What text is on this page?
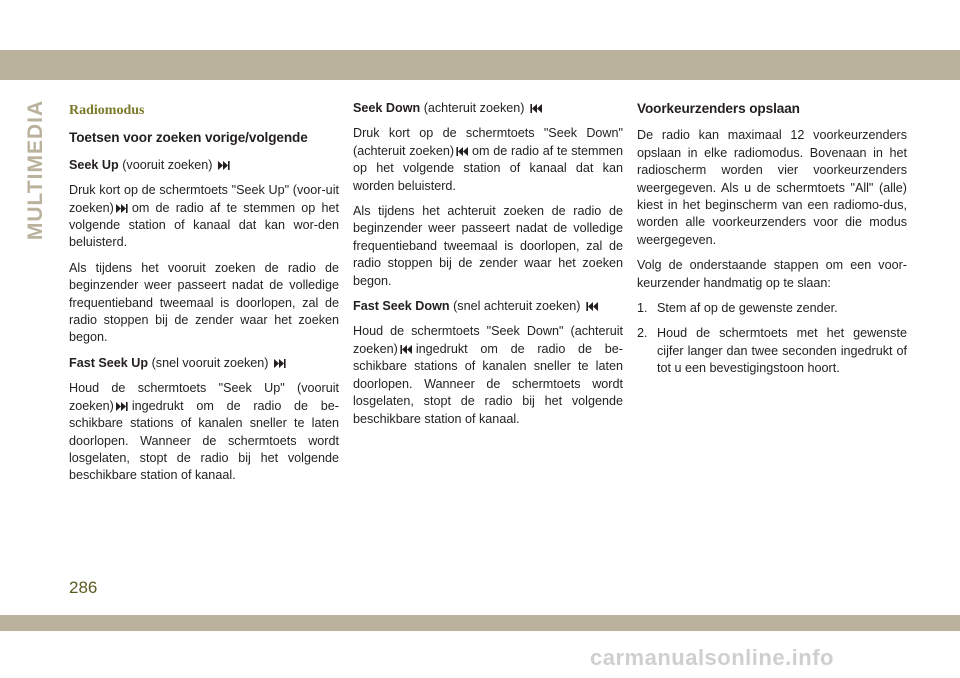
MULTIMEDIA Radiomodus
Toetsen voor zoeken vorige/volgende
Seek Up (vooruit zoeken)

Druk kort op de schermtoets "Seek Up" (voor-uit zoeken) om de radio af te stemmen op het volgende station of kanaal dat kan wor-den beluisterd.

Als tijdens het vooruit zoeken de radio de beginzender weer passeert nadat de volledige frequentieband tweemaal is doorlopen, zal de radio stoppen bij de zender waar het zoeken begon.

Fast Seek Up (snel vooruit zoeken)

Houd de schermtoets "Seek Up" (vooruit zoeken) ingedrukt om de radio de be-schikbare stations of kanalen sneller te laten doorlopen. Wanneer de schermtoets wordt losgelaten, stopt de radio bij het volgende beschikbare station of kanaal.

Seek Down (achteruit zoeken)

Druk kort op de schermtoets "Seek Down" (achteruit zoeken) om de radio af te stemmen op het volgende station of kanaal dat kan worden beluisterd.

Als tijdens het achteruit zoeken de radio de beginzender weer passeert nadat de volledige frequentieband tweemaal is doorlopen, zal de radio stoppen bij de zender waar het zoeken begon.

Fast Seek Down (snel achteruit zoeken)

Houd de schermtoets "Seek Down" (achteruit zoeken) ingedrukt om de radio de be-schikbare stations of kanalen sneller te laten doorlopen. Wanneer de schermtoets wordt losgelaten, stopt de radio bij het volgende beschikbare station of kanaal.

Voorkeurzenders opslaan

De radio kan maximaal 12 voorkeurzenders opslaan in elke radiomodus. Bovenaan in het radioscherm worden vier voorkeurzenders weergegeven. Als u de schermtoets "All" (alle) kiest in het beginscherm van een radiomo-dus, worden alle voorkeurzenders voor die modus weergegeven.

Volg de onderstaande stappen om een voor-keurzender handmatig op te slaan:

1. Stem af op de gewenste zender.
2. Houd de schermtoets met het gewenste cijfer langer dan twee seconden ingedrukt of tot u een bevestigingstoon hoort.
286
carmanualsonline.info
